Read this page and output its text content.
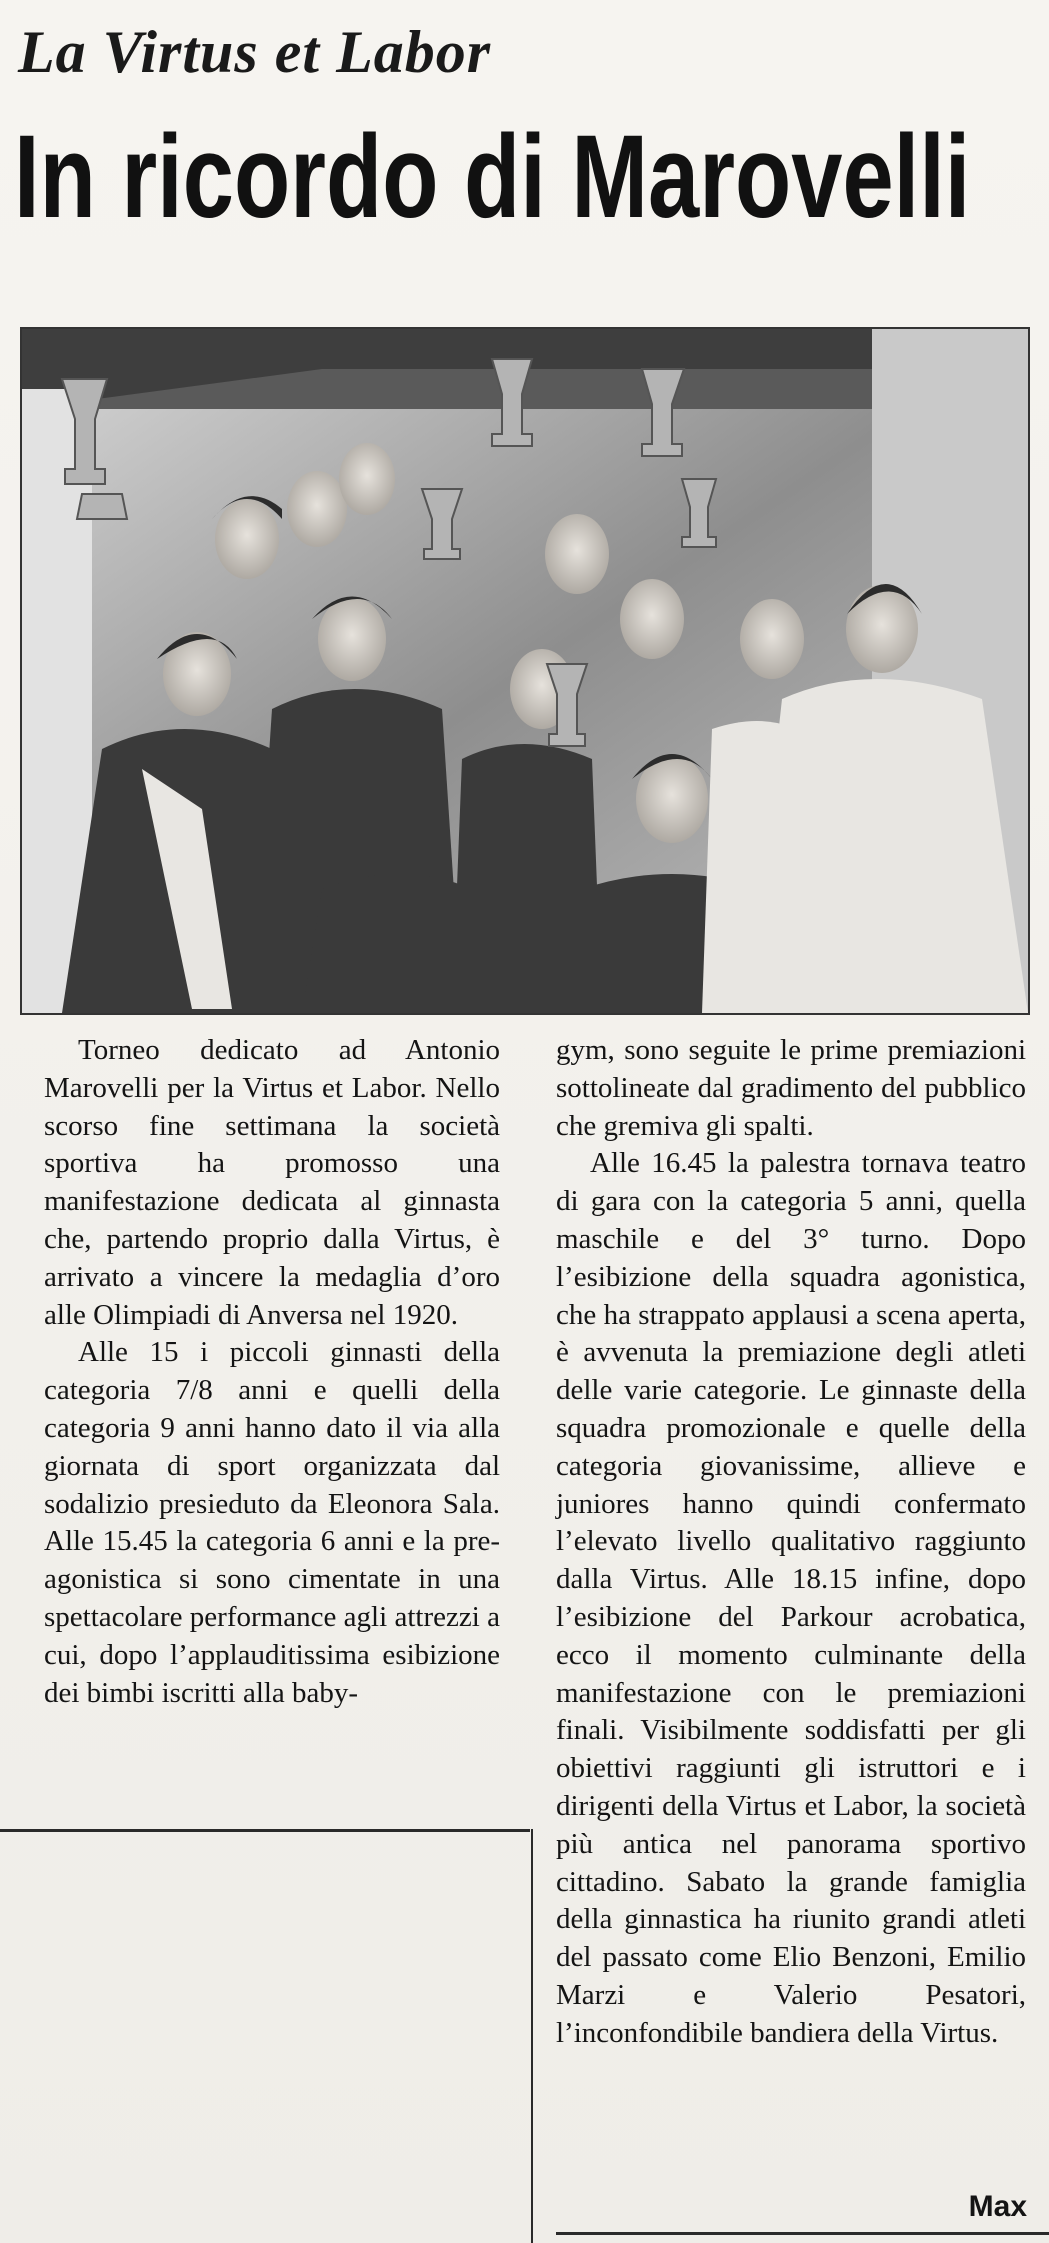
La Virtus et Labor
In ricordo di Marovelli

Torneo dedicato ad Antonio Marovelli per la Virtus et Labor. Nello scorso fine settimana la società sportiva ha promosso una manifestazione dedicata al ginnasta che, partendo proprio dalla Virtus, è arrivato a vincere la medaglia d’oro alle Olimpiadi di Anversa nel 1920.

Alle 15 i piccoli ginnasti della categoria 7/8 anni e quelli della categoria 9 anni hanno dato il via alla giornata di sport organizzata dal sodalizio presieduto da Eleonora Sala. Alle 15.45 la categoria 6 anni e la pre-agonistica si sono cimentate in una spettacolare performance agli attrezzi a cui, dopo l’applauditissima esibizione dei bimbi iscritti alla baby-

gym, sono seguite le prime premiazioni sottolineate dal gradimento del pubblico che gremiva gli spalti.

Alle 16.45 la palestra tornava teatro di gara con la categoria 5 anni, quella maschile e del 3° turno. Dopo l’esibizione della squadra agonistica, che ha strappato applausi a scena aperta, è avvenuta la premiazione degli atleti delle varie categorie. Le ginnaste della squadra promozionale e quelle della categoria giovanissime, allieve e juniores hanno quindi confermato l’elevato livello qualitativo raggiunto dalla Virtus. Alle 18.15 infine, dopo l’esibizione del Parkour acrobatica, ecco il momento culminante della manifestazione con le premiazioni finali. Visibilmente soddisfatti per gli obiettivi raggiunti gli istruttori e i dirigenti della Virtus et Labor, la società più antica nel panorama sportivo cittadino. Sabato la grande famiglia della ginnastica ha riunito grandi atleti del passato come Elio Benzoni, Emilio Marzi e Valerio Pesatori, l’inconfondibile bandiera della Virtus.

Max
